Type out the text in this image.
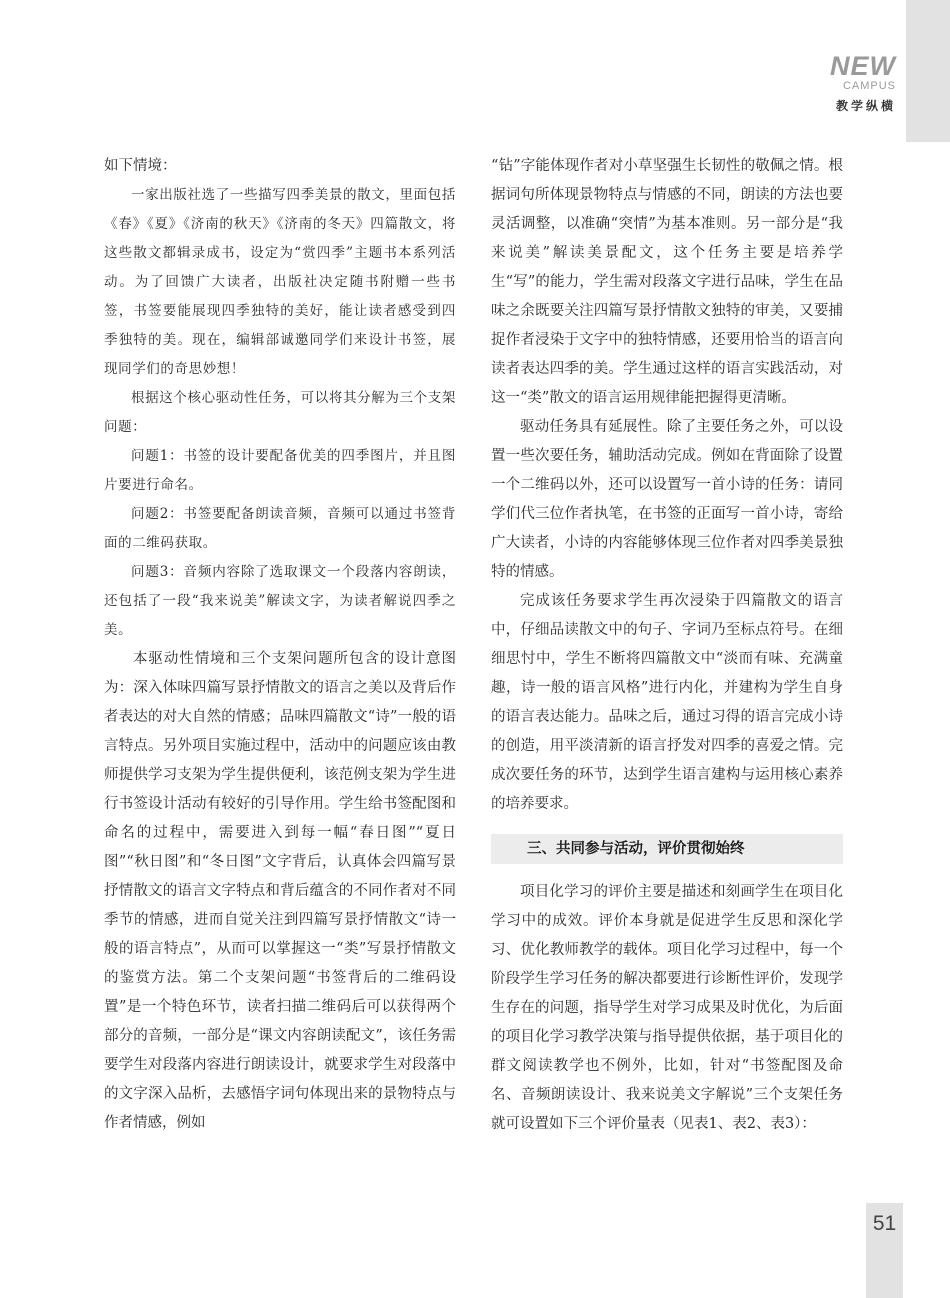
NEW
CAMPUS
教学纵横

如下情境：

一家出版社选了一些描写四季美景的散文，里面包括《春》《夏》《济南的秋天》《济南的冬天》四篇散文，将这些散文都辑录成书，设定为“赏四季”主题书本系列活动。为了回馈广大读者，出版社决定随书附赠一些书签，书签要能展现四季独特的美好，能让读者感受到四季独特的美。现在，编辑部诚邀同学们来设计书签，展现同学们的奇思妙想！

根据这个核心驱动性任务，可以将其分解为三个支架问题：

问题1：书签的设计要配备优美的四季图片，并且图片要进行命名。

问题2：书签要配备朗读音频，音频可以通过书签背面的二维码获取。

问题3：音频内容除了选取课文一个段落内容朗读，还包括了一段“我来说美”解读文字，为读者解说四季之美。

本驱动性情境和三个支架问题所包含的设计意图为：深入体味四篇写景抒情散文的语言之美以及背后作者表达的对大自然的情感；品味四篇散文“诗”一般的语言特点。另外项目实施过程中，活动中的问题应该由教师提供学习支架为学生提供便利，该范例支架为学生进行书签设计活动有较好的引导作用。学生给书签配图和命名的过程中，需要进入到每一幅“春日图”“夏日图”“秋日图”和“冬日图”文字背后，认真体会四篇写景抒情散文的语言文字特点和背后蕴含的不同作者对不同季节的情感，进而自觉关注到四篇写景抒情散文“诗一般的语言特点”，从而可以掌握这一“类”写景抒情散文的鉴赏方法。第二个支架问题“书签背后的二维码设置”是一个特色环节，读者扫描二维码后可以获得两个部分的音频，一部分是“课文内容朗读配文”，该任务需要学生对段落内容进行朗读设计，就要求学生对段落中的文字深入品析，去感悟字词句体现出来的景物特点与作者情感，例如

“钻”字能体现作者对小草坚强生长韧性的敬佩之情。根据词句所体现景物特点与情感的不同，朗读的方法也要灵活调整，以准确“突情”为基本准则。另一部分是“我来说美”解读美景配文，这个任务主要是培养学生“写”的能力，学生需对段落文字进行品味，学生在品味之余既要关注四篇写景抒情散文独特的审美，又要捕捉作者浸染于文字中的独特情感，还要用恰当的语言向读者表达四季的美。学生通过这样的语言实践活动，对这一“类”散文的语言运用规律能把握得更清晰。

驱动任务具有延展性。除了主要任务之外，可以设置一些次要任务，辅助活动完成。例如在背面除了设置一个二维码以外，还可以设置写一首小诗的任务：请同学们代三位作者执笔，在书签的正面写一首小诗，寄给广大读者，小诗的内容能够体现三位作者对四季美景独特的情感。

完成该任务要求学生再次浸染于四篇散文的语言中，仔细品读散文中的句子、字词乃至标点符号。在细细思忖中，学生不断将四篇散文中“淡而有味、充满童趣，诗一般的语言风格”进行内化，并建构为学生自身的语言表达能力。品味之后，通过习得的语言完成小诗的创造，用平淡清新的语言抒发对四季的喜爱之情。完成次要任务的环节，达到学生语言建构与运用核心素养的培养要求。

三、共同参与活动，评价贯彻始终

项目化学习的评价主要是描述和刻画学生在项目化学习中的成效。评价本身就是促进学生反思和深化学习、优化教师教学的载体。项目化学习过程中，每一个阶段学生学习任务的解决都要进行诊断性评价，发现学生存在的问题，指导学生对学习成果及时优化，为后面的项目化学习教学决策与指导提供依据，基于项目化的群文阅读教学也不例外，比如，针对“书签配图及命名、音频朗读设计、我来说美文字解说”三个支架任务就可设置如下三个评价量表（见表1、表2、表3）：

51
